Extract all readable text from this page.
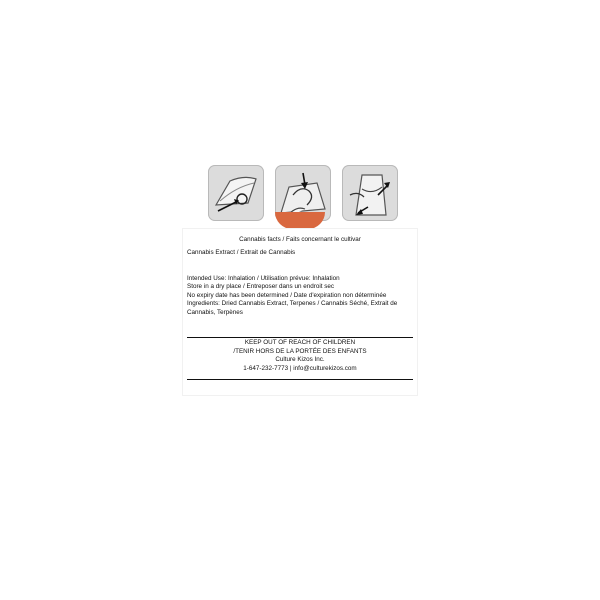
Cannabis facts / Faits concernant le cultivar
Cannabis Extract / Extrait de Cannabis
Intended Use: Inhalation / Utilisation prévue: Inhalation
Store in a dry place / Entreposer dans un endroit sec
No expiry date has been determined / Date d'expiration non déterminée
Ingredients: Dried Cannabis Extract, Terpenes / Cannabis Séché, Extrait de
Cannabis, Terpènes
KEEP OUT OF REACH OF CHILDREN
/TENIR HORS DE LA PORTÉE DES ENFANTS
Culture Kizos Inc.
1-647-232-7773 | info@culturekizos.com
